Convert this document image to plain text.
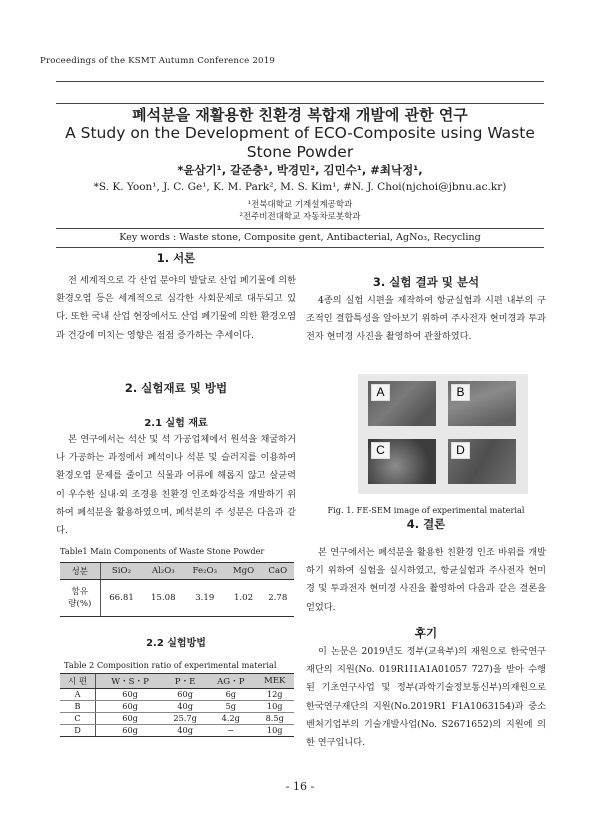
Proceedings of the KSMT Autumn Conference 2019
폐석분을 재활용한 친환경 복합재 개발에 관한 연구
A Study on the Development of ECO-Composite using Waste Stone Powder
*윤삼기¹, 갈준충¹, 박경민², 김민수¹, #최낙정¹,
*S. K. Yoon¹, J. C. Ge¹, K. M. Park², M. S. Kim¹, #N. J. Choi(njchoi@jbnu.ac.kr)
¹전북대학교 기계설계공학과
²전주비전대학교 자동차로봇학과
Key words : Waste stone, Composite gent, Antibacterial, AgNo₃, Recycling
1. 서론
전 세계적으로 각 산업 분야의 발달로 산업 폐기물에 의한 환경오염 등은 세계적으로 심각한 사회문제로 대두되고 있다. 또한 국내 산업 현장에서도 산업 폐기물에 의한 환경오염과 건강에 미치는 영향은 점점 증가하는 추세이다.
2. 실험재료 및 방법
2.1 실험 재료
본 연구에서는 석산 및 석 가공업체에서 원석을 채굴하거나 가공하는 과정에서 폐석이나 석분 및 슬러지를 이용하여 환경오염 문제를 줄이고 식물과 어류에 해롭지 않고 살균력이 우수한 실내·외 조경용 친환경 인조화강석을 개발하기 위하여 폐석분을 활용하였으며, 폐석분의 주 성분은 다음과 같다.
Table1 Main Components of Waste Stone Powder
성분	SiO₂	Al₂O₃	Fe₂O₃	MgO	CaO
함유
량(%)	66.81	15.08	3.19	1.02	2.78
2.2 실험방법
Table 2 Composition ratio of experimental material
시 편	W・S・P	P・E	AG・P	MEK
A	60g	60g	6g	12g
B	60g	40g	5g	10g
C	60g	25.7g	4.2g	8.5g
D	60g	40g	−	10g
3. 실험 결과 및 분석
4종의 실험 시편을 제작하여 항균실험과 시편 내부의 구조적인 결합특성을 알아보기 위하여 주사전자 현미경과 투과 전자 현미경 사진을 촬영하여 관찰하였다.
A	B
C	D
Fig. 1. FE-SEM image of experimental material
4. 결론
본 연구에서는 폐석분을 활용한 친환경 인조 바위를 개발하기 위하여 실험을 실시하였고, 항균실험과 주사전자 현미경 및 투과전자 현미경 사진을 촬영하여 다음과 같은 결론을 얻었다.
후기
이 논문은 2019년도 정부(교육부)의 재원으로 한국연구재단의 지원(No. 019R1I1A1A01057 727)을 받아 수행된 기초연구사업 및 정부(과학기술정보통신부)의재원으로 한국연구재단의 지원(No.2019R1 F1A1063154)과 중소벤처기업부의 기술개발사업(No. S2671652)의 지원에 의한 연구입니다.
- 16 -
